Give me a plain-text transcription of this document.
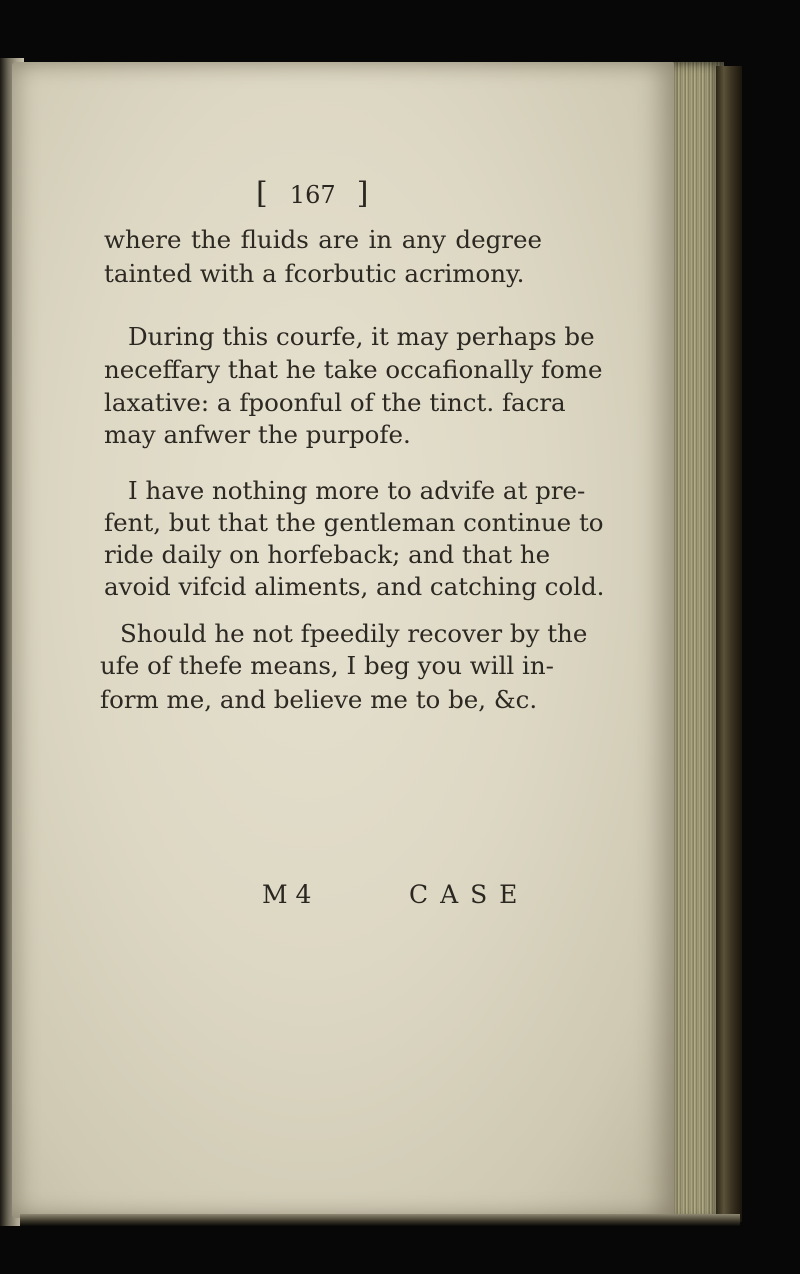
[ 167 ]
where the fluids are in any degree
tainted with a fcorbutic acrimony.
During this courfe, it may perhaps be
neceffary that he take occafionally fome
laxative: a fpoonful of the tinct. facra
may anfwer the purpofe.
I have nothing more to advife at pre-
fent, but that the gentleman continue to
ride daily on horfeback; and that he
avoid vifcid aliments, and catching cold.
Should he not fpeedily recover by the
ufe of thefe means, I beg you will in-
form me, and believe me to be, &c.
M 4	C A S E
